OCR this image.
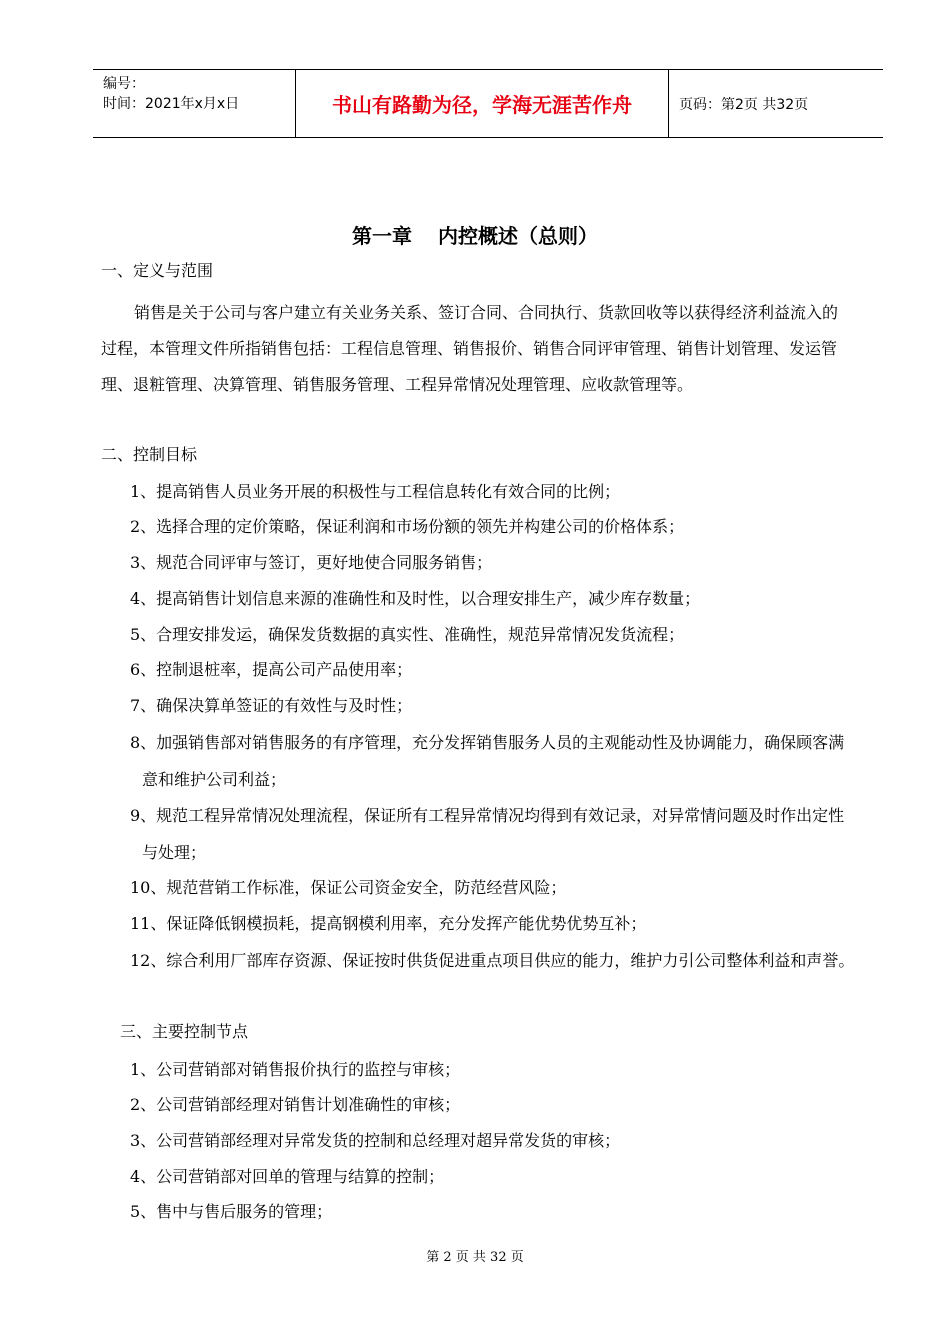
编号：
时间：2021年x月x日	书山有路勤为径，学海无涯苦作舟	页码：第2页 共32页
第一章 内控概述（总则）
一、定义与范围
销售是关于公司与客户建立有关业务关系、签订合同、合同执行、货款回收等以获得经济利益流入的过程，本管理文件所指销售包括：工程信息管理、销售报价、销售合同评审管理、销售计划管理、发运管理、退粧管理、决算管理、销售服务管理、工程异常情况处理管理、应收款管理等。
二、控制目标
1、提高销售人员业务开展的积极性与工程信息转化有效合同的比例；
2、选择合理的定价策略，保证利润和市场份额的领先并构建公司的价格体系；
3、规范合同评审与签订，更好地使合同服务销售；
4、提高销售计划信息来源的准确性和及时性，以合理安排生产，减少库存数量；
5、合理安排发运，确保发货数据的真实性、准确性，规范异常情况发货流程；
6、控制退桩率，提高公司产品使用率；
7、确保决算单签证的有效性与及时性；
8、加强销售部对销售服务的有序管理，充分发挥销售服务人员的主观能动性及协调能力，确保顾客满意和维护公司利益；
9、规范工程异常情况处理流程，保证所有工程异常情况均得到有效记录，对异常情问题及时作出定性与处理；
10、规范营销工作标准，保证公司资金安全，防范经营风险；
11、保证降低钢模损耗，提高钢模利用率，充分发挥产能优势优势互补；
12、综合利用厂部库存资源、保证按时供货促进重点项目供应的能力，维护力引公司整体利益和声誉。
三、主要控制节点
1、公司营销部对销售报价执行的监控与审核；
2、公司营销部经理对销售计划准确性的审核；
3、公司营销部经理对异常发货的控制和总经理对超异常发货的审核；
4、公司营销部对回单的管理与结算的控制；
5、售中与售后服务的管理；
第 2 页 共 32 页
